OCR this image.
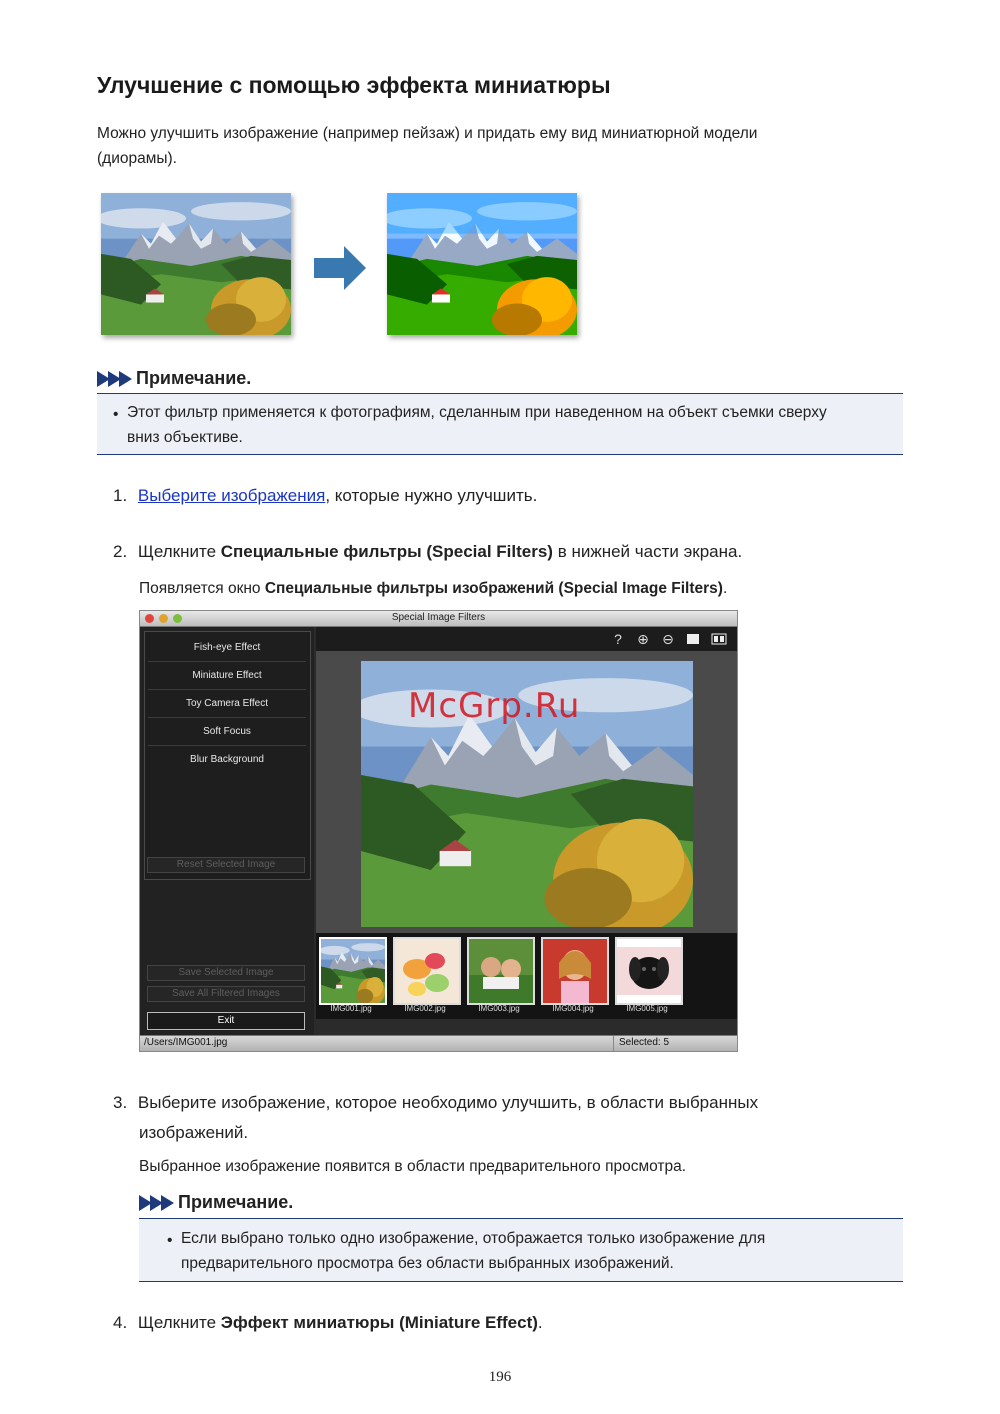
Улучшение с помощью эффекта миниатюры
Можно улучшить изображение (например пейзаж) и придать ему вид миниатюрной модели
(диорамы).
Примечание.
• Этот фильтр применяется к фотографиям, сделанным при наведенном на объект съемки сверху
вниз объективе.
1. Выберите изображения, которые нужно улучшить.
2. Щелкните Специальные фильтры (Special Filters) в нижней части экрана.
Появляется окно Специальные фильтры изображений (Special Image Filters).
Special Image Filters
Fish-eye Effect
Miniature Effect
Toy Camera Effect
Soft Focus
Blur Background
Reset Selected Image
Save Selected Image
Save All Filtered Images
Exit
? ⊕ ⊖
IMG001.jpg	IMG002.jpg	IMG003.jpg	IMG004.jpg	IMG005.jpg
/Users/IMG001.jpg	Selected: 5
McGrp.Ru
3. Выберите изображение, которое необходимо улучшить, в области выбранных
изображений.
Выбранное изображение появится в области предварительного просмотра.
Примечание.
• Если выбрано только одно изображение, отображается только изображение для
предварительного просмотра без области выбранных изображений.
4. Щелкните Эффект миниатюры (Miniature Effect).
196
